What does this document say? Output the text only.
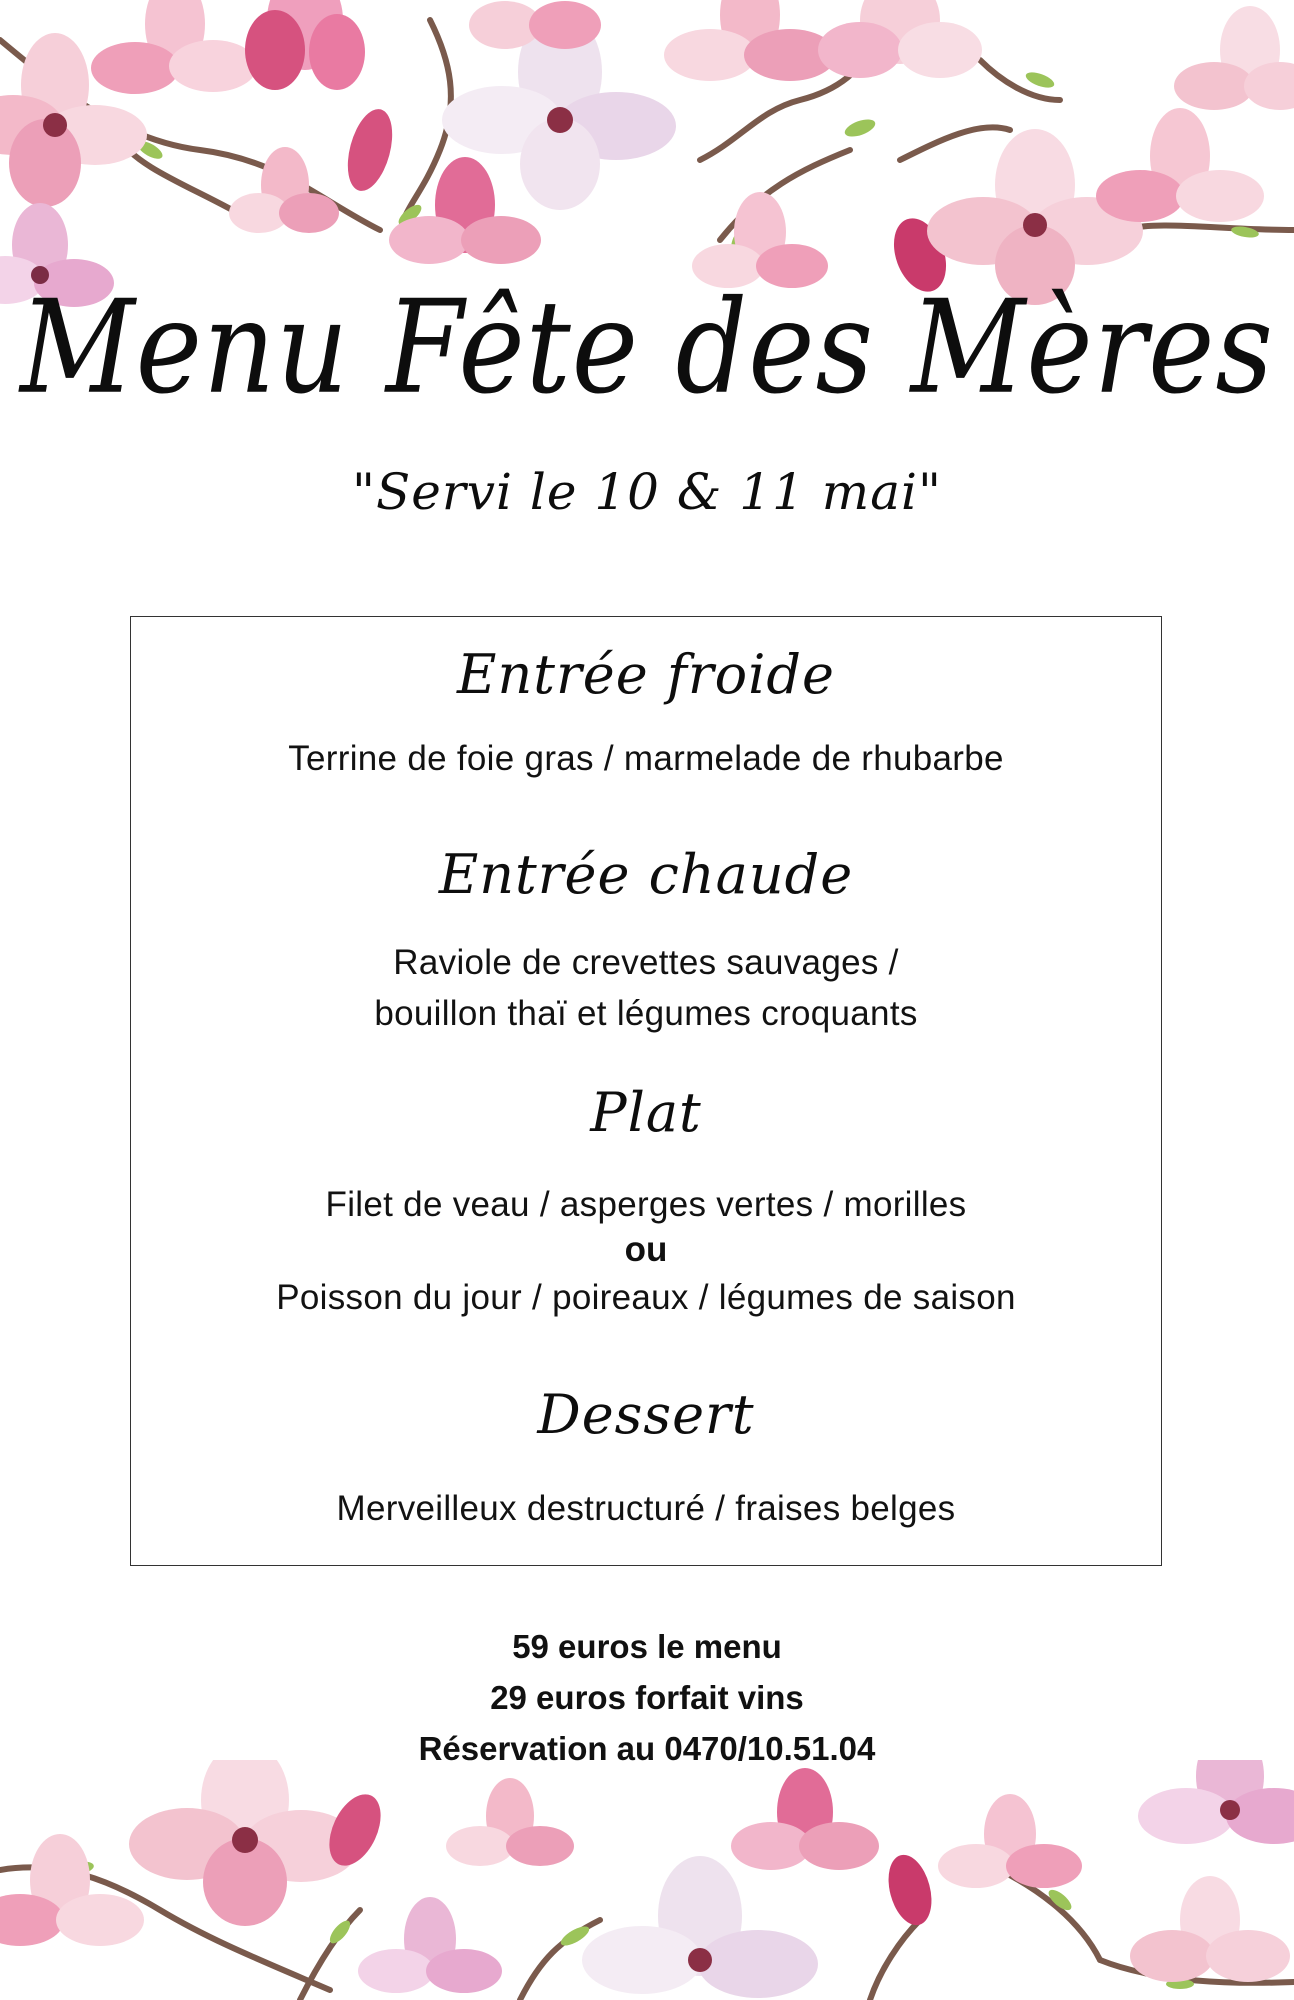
Menu Fête des Mères
"Servi le 10 & 11 mai"
Entrée froide
Terrine de foie gras / marmelade de rhubarbe
Entrée chaude
Raviole de crevettes sauvages /
bouillon thaï et légumes croquants
Plat
Filet de veau / asperges vertes / morilles
ou
Poisson du jour / poireaux / légumes de saison
Dessert
Merveilleux destructuré / fraises belges
59 euros le menu
29 euros forfait vins
Réservation au 0470/10.51.04
